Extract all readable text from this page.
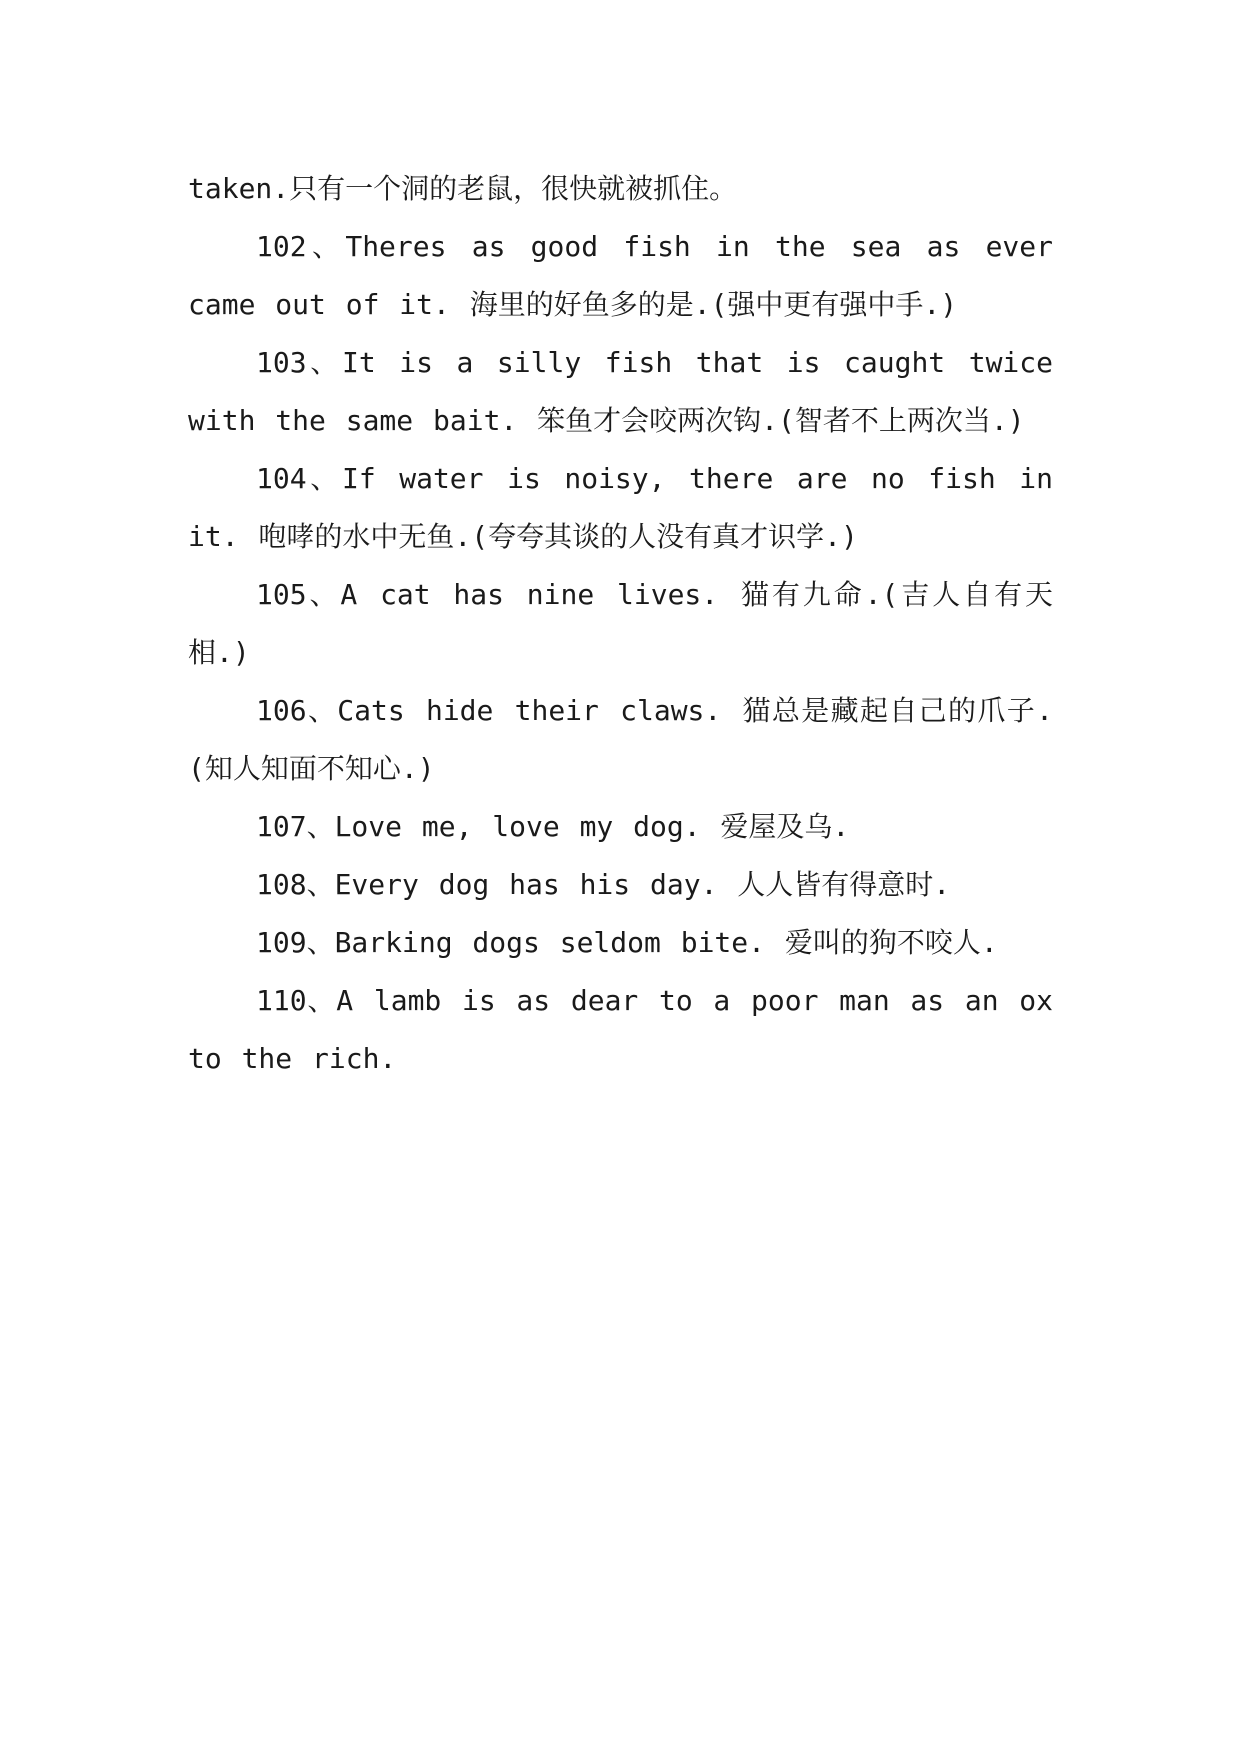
taken.只有一个洞的老鼠，很快就被抓住。

102、Theres as good fish in the sea as ever came out of it. 海里的好鱼多的是.(强中更有强中手.)

103、It is a silly fish that is caught twice with the same bait. 笨鱼才会咬两次钩.(智者不上两次当.)

104、If water is noisy, there are no fish in it. 咆哮的水中无鱼.(夸夸其谈的人没有真才识学.)

105、A cat has nine lives. 猫有九命.(吉人自有天相.)

106、Cats hide their claws. 猫总是藏起自己的爪子.(知人知面不知心.)

107、Love me, love my dog. 爱屋及乌.

108、Every dog has his day. 人人皆有得意时.

109、Barking dogs seldom bite. 爱叫的狗不咬人.

110、A lamb is as dear to a poor man as an ox to the rich.
